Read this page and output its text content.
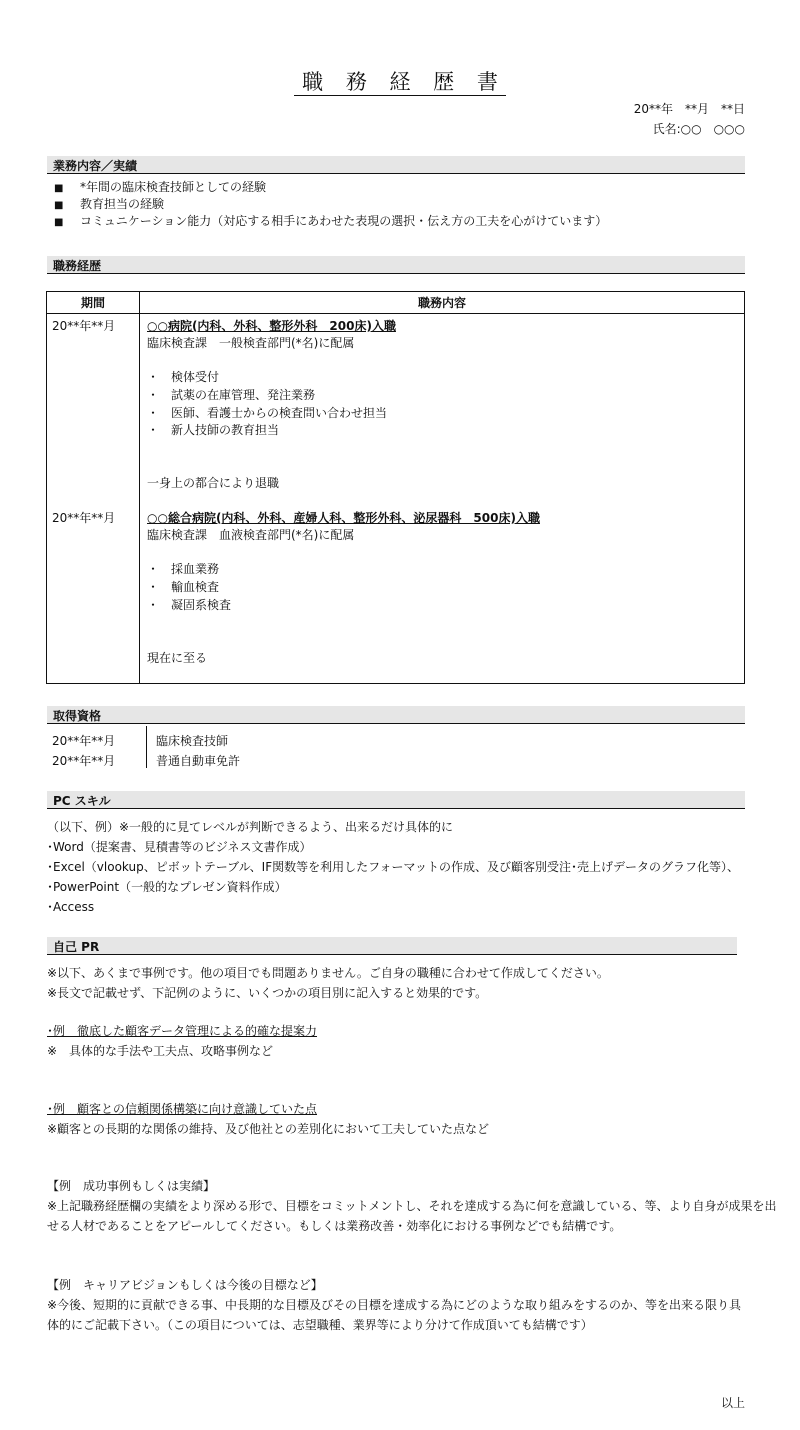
職 務 経 歴 書
20**年　**月　**日
氏名:○○　○○○
業務内容／実績
■ *年間の臨床検査技師としての経験
■ 教育担当の経験
■ コミュニケーション能力（対応する相手にあわせた表現の選択・伝え方の工夫を心がけています）
職務経歴
期間	職務内容

20**年**月	○○病院(内科、外科、整形外科　200床)入職
臨床検査課　一般検査部門(*名)に配属
・ 検体受付
・ 試薬の在庫管理、発注業務
・ 医師、看護士からの検査問い合わせ担当
・ 新人技師の教育担当
一身上の都合により退職
20**年**月	○○総合病院(内科、外科、産婦人科、整形外科、泌尿器科　500床)入職
臨床検査課　血液検査部門(*名)に配属
・ 採血業務
・ 輸血検査
・ 凝固系検査
現在に至る
取得資格
20**年**月	臨床検査技師
20**年**月	普通自動車免許
PC スキル
（以下、例）※一般的に見てレベルが判断できるよう、出来るだけ具体的に
･Word（提案書、見積書等のビジネス文書作成）
･Excel（vlookup、ピボットテーブル、IF関数等を利用したフォーマットの作成、及び顧客別受注･売上げデータのグラフ化等）、
･PowerPoint（一般的なプレゼン資料作成）
･Access
自己 PR
※以下、あくまで事例です。他の項目でも問題ありません。ご自身の職種に合わせて作成してください。
※長文で記載せず、下記例のように、いくつかの項目別に記入すると効果的です。
･例　徹底した顧客データ管理による的確な提案力
※　具体的な手法や工夫点、攻略事例など
･例　顧客との信頼関係構築に向け意識していた点
※顧客との長期的な関係の維持、及び他社との差別化において工夫していた点など
【例　成功事例もしくは実績】
※上記職務経歴欄の実績をより深める形で、目標をコミットメントし、それを達成する為に何を意識している、等、より自身が成果を出
せる人材であることをアピールしてください。もしくは業務改善・効率化における事例などでも結構です。
【例　キャリアビジョンもしくは今後の目標など】
※今後、短期的に貢献できる事、中長期的な目標及びその目標を達成する為にどのような取り組みをするのか、等を出来る限り具
体的にご記載下さい。（この項目については、志望職種、業界等により分けて作成頂いても結構です）
以上
